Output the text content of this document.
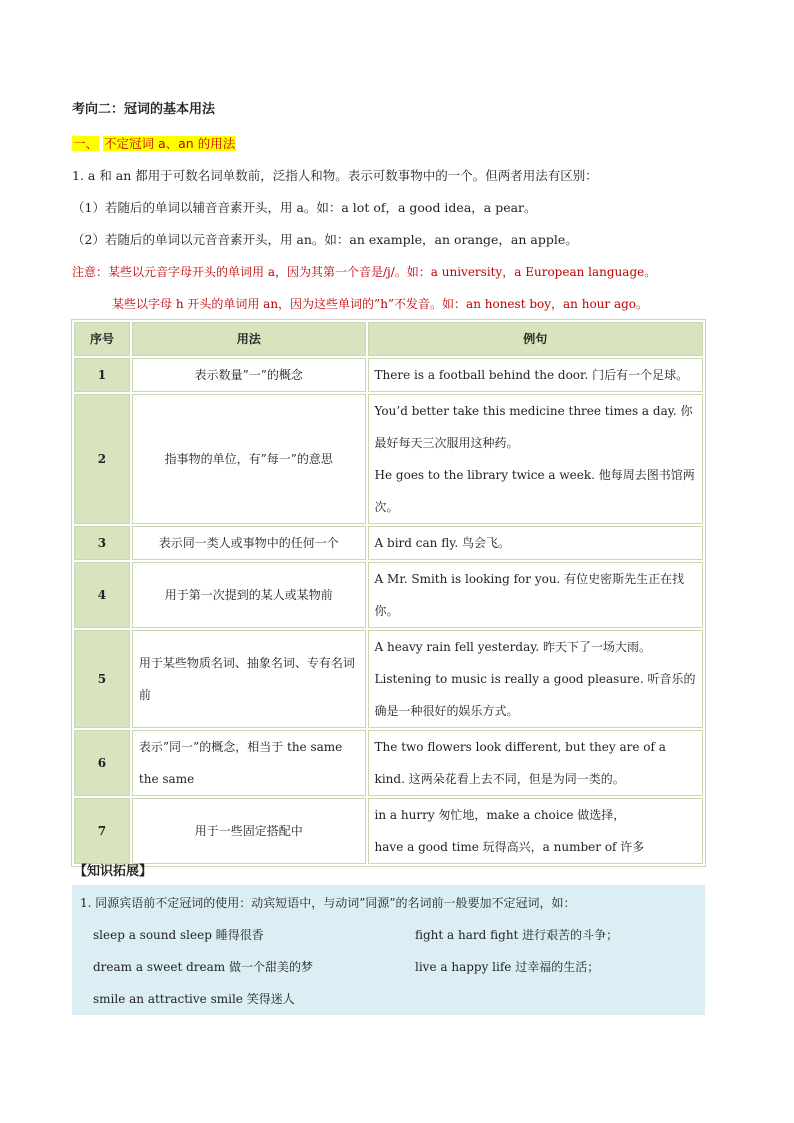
考向二：冠词的基本用法
一、 不定冠词 a、an 的用法
1. a 和 an 都用于可数名词单数前，泛指人和物。表示可数事物中的一个。但两者用法有区别：
（1）若随后的单词以辅音音素开头，用 a。如：a lot of，a good idea，a pear。
（2）若随后的单词以元音音素开头，用 an。如：an example，an orange，an apple。
注意：某些以元音字母开头的单词用 a，因为其第一个音是/j/。如：a university，a European language。
某些以字母 h 开头的单词用 an，因为这些单词的”h”不发音。如：an honest boy，an hour ago。
序号	用法	例句
1	表示数量”一”的概念	There is a football behind the door. 门后有一个足球。

2	指事物的单位，有”每一”的意思	You’d better take this medicine three times a day. 你最好每天三次服用这种药。
He goes to the library twice a week. 他每周去图书馆两次。

3	表示同一类人或事物中的任何一个	A bird can fly. 鸟会飞。

4	用于第一次提到的某人或某物前	A Mr. Smith is looking for you. 有位史密斯先生正在找你。

5	用于某些物质名词、抽象名词、专有名词前	A heavy rain fell yesterday. 昨天下了一场大雨。
Listening to music is really a good pleasure. 听音乐的确是一种很好的娱乐方式。

6	表示”同一”的概念，相当于 the same the same	The two flowers look different, but they are of a kind. 这两朵花看上去不同，但是为同一类的。

7	用于一些固定搭配中	in a hurry 匆忙地，make a choice 做选择，
have a good time 玩得高兴，a number of 许多
【知识拓展】
1. 同源宾语前不定冠词的使用：动宾短语中，与动词”同源”的名词前一般要加不定冠词，如：
sleep a sound sleep 睡得很香	fight a hard fight 进行艰苦的斗争；
dream a sweet dream 做一个甜美的梦	live a happy life 过幸福的生活；
smile an attractive smile 笑得迷人
